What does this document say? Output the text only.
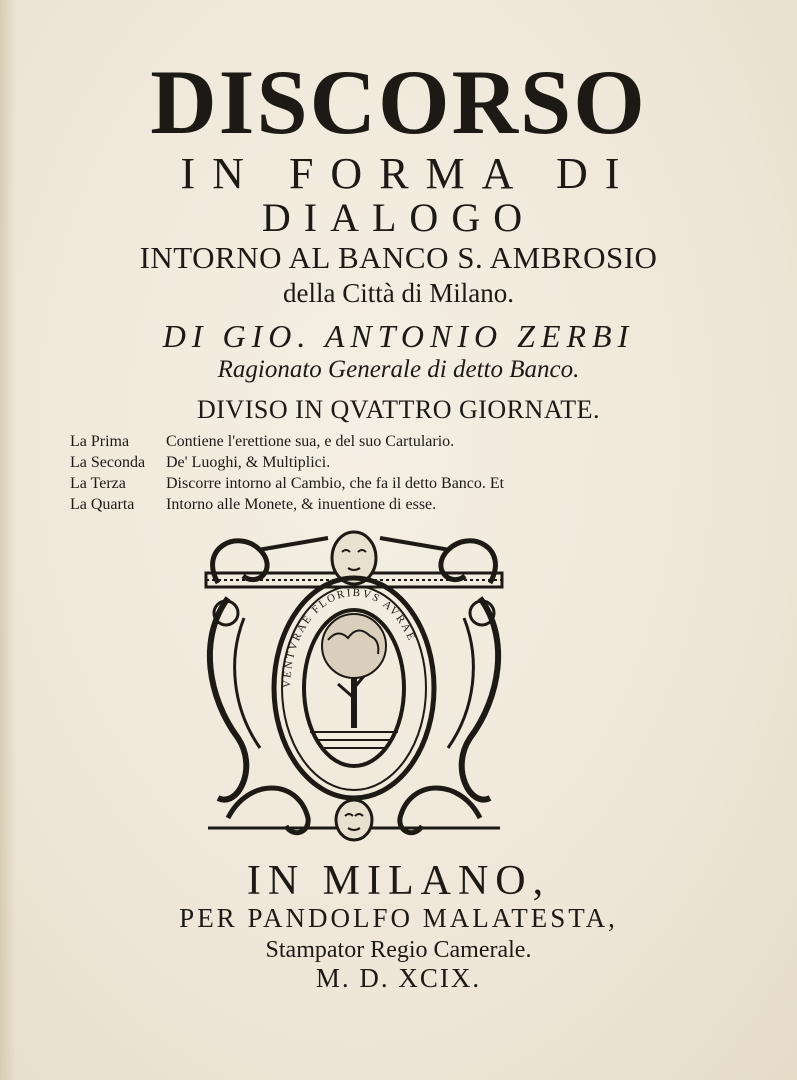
DISCORSO
IN FORMA DI
DIALOGO
INTORNO AL BANCO S. AMBROSIO
della Città di Milano.
DI GIO. ANTONIO ZERBI
Ragionato Generale di detto Banco.
DIVISO IN QVATTRO GIORNATE.
La Prima	Contiene l'erettione sua, e del suo Cartulario.
La Seconda	De' Luoghi, & Multiplici.
La Terza	Discorre intorno al Cambio, che fa il detto Banco. Et
La Quarta	Intorno alle Monete, & inuentione di esse.
VENTVRAE FLORIBVS AVRAE
IN MILANO,
PER PANDOLFO MALATESTA,
Stampator Regio Camerale.
M. D. XCIX.
